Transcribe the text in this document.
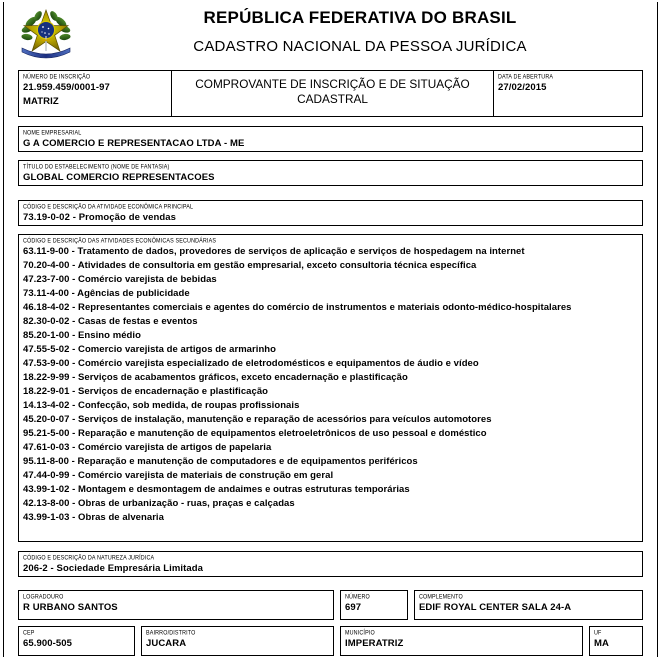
REPÚBLICA FEDERATIVA DO BRASIL
CADASTRO NACIONAL DA PESSOA JURÍDICA
NÚMERO DE INSCRIÇÃO
21.959.459/0001-97
MATRIZ
COMPROVANTE DE INSCRIÇÃO E DE SITUAÇÃO CADASTRAL
DATA DE ABERTURA
27/02/2015
NOME EMPRESARIAL
G A COMERCIO E REPRESENTACAO LTDA - ME
TÍTULO DO ESTABELECIMENTO (NOME DE FANTASIA)
GLOBAL COMERCIO REPRESENTACOES
CÓDIGO E DESCRIÇÃO DA ATIVIDADE ECONÔMICA PRINCIPAL
73.19-0-02 - Promoção de vendas
CÓDIGO E DESCRIÇÃO DAS ATIVIDADES ECONÔMICAS SECUNDÁRIAS
63.11-9-00 - Tratamento de dados, provedores de serviços de aplicação e serviços de hospedagem na internet
70.20-4-00 - Atividades de consultoria em gestão empresarial, exceto consultoria técnica específica
47.23-7-00 - Comércio varejista de bebidas
73.11-4-00 - Agências de publicidade
46.18-4-02 - Representantes comerciais e agentes do comércio de instrumentos e materiais odonto-médico-hospitalares
82.30-0-02 - Casas de festas e eventos
85.20-1-00 - Ensino médio
47.55-5-02 - Comercio varejista de artigos de armarinho
47.53-9-00 - Comércio varejista especializado de eletrodomésticos e equipamentos de áudio e vídeo
18.22-9-99 - Serviços de acabamentos gráficos, exceto encadernação e plastificação
18.22-9-01 - Serviços de encadernação e plastificação
14.13-4-02 - Confecção, sob medida, de roupas profissionais
45.20-0-07 - Serviços de instalação, manutenção e reparação de acessórios para veículos automotores
95.21-5-00 - Reparação e manutenção de equipamentos eletroeletrônicos de uso pessoal e doméstico
47.61-0-03 - Comércio varejista de artigos de papelaria
95.11-8-00 - Reparação e manutenção de computadores e de equipamentos periféricos
47.44-0-99 - Comércio varejista de materiais de construção em geral
43.99-1-02 - Montagem e desmontagem de andaimes e outras estruturas temporárias
42.13-8-00 - Obras de urbanização - ruas, praças e calçadas
43.99-1-03 - Obras de alvenaria
CÓDIGO E DESCRIÇÃO DA NATUREZA JURÍDICA
206-2 - Sociedade Empresária Limitada
LOGRADOURO
R URBANO SANTOS
NÚMERO
697
COMPLEMENTO
EDIF ROYAL CENTER SALA 24-A
CEP
65.900-505
BAIRRO/DISTRITO
JUCARA
MUNICÍPIO
IMPERATRIZ
UF
MA
